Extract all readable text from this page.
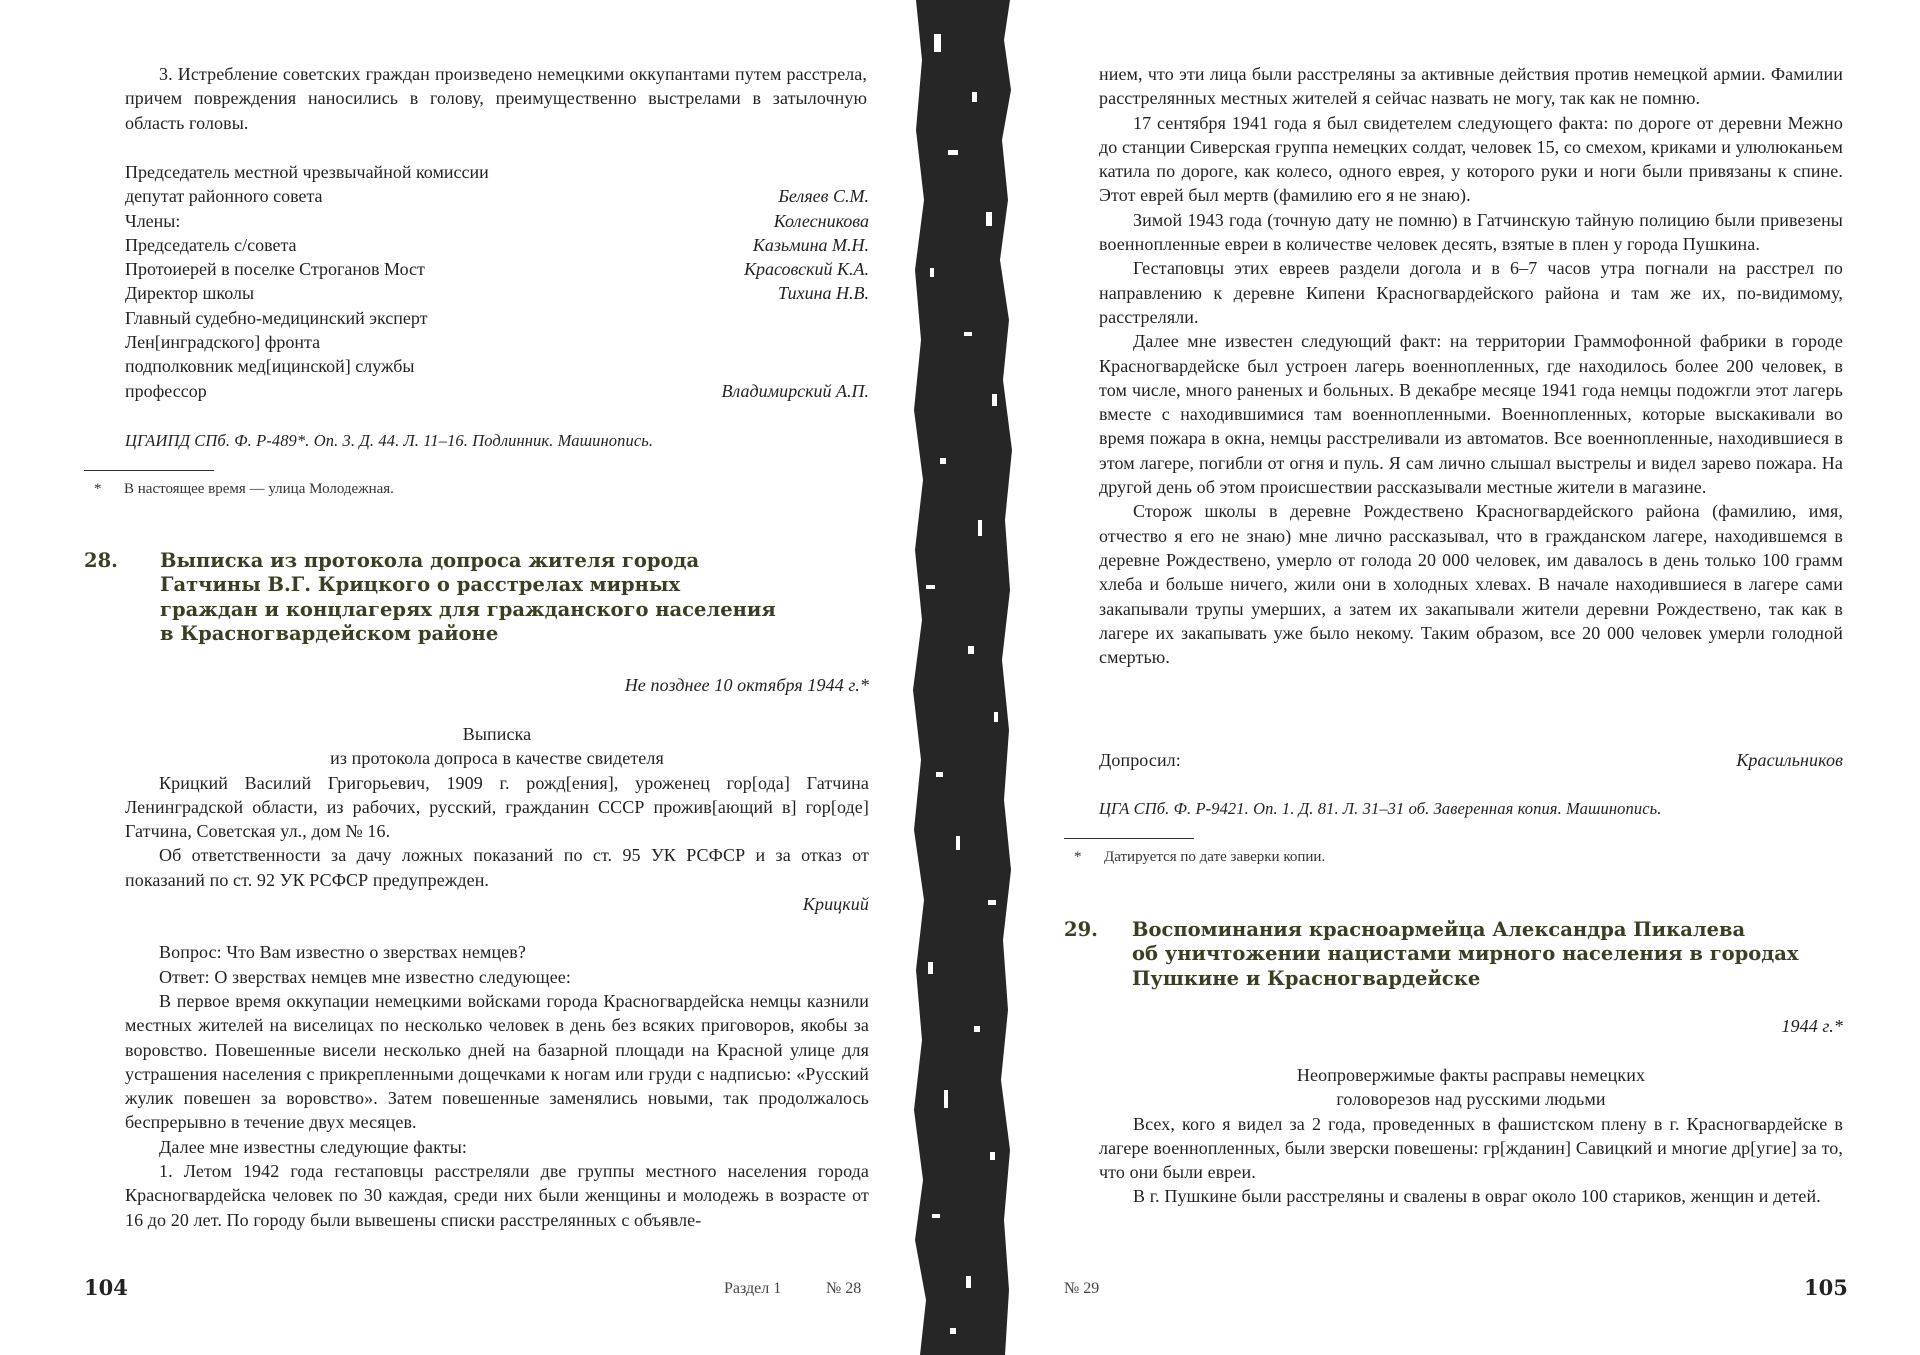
3. Истребление советских граждан произведено немецкими оккупантами путем расстрела, причем повреждения наносились в голову, преимущественно выстрелами в затылочную область головы.

Председатель местной чрезвычайной комиссии	
депутат районного совета	Беляев С.М.
Члены:	Колесникова
Председатель с/совета	Казьмина М.Н.
Протоиерей в поселке Строганов Мост	Красовский К.А.
Директор школы	Тихина Н.В.
Главный судебно-медицинский эксперт	
Лен[инградского] фронта	
подполковник мед[ицинской] службы	
профессор	Владимирский А.П.
ЦГАИПД СПб. Ф. Р-489*. Оп. 3. Д. 44. Л. 11–16. Подлинник. Машинопись.
* В настоящее время — улица Молодежная.
28. Выписка из протокола допроса жителя города
Гатчины В.Г. Крицкого о расстрелах мирных
граждан и концлагерях для гражданского населения
в Красногвардейском районе
Не позднее 10 октября 1944 г.*

Выписка

из протокола допроса в качестве свидетеля

Крицкий Василий Григорьевич, 1909 г. рожд[ения], уроженец гор[ода] Гатчина Ленинградской области, из рабочих, русский, гражданин СССР прожив[ающий в] гор[оде] Гатчина, Советская ул., дом № 16.

Об ответственности за дачу ложных показаний по ст. 95 УК РСФСР и за отказ от показаний по ст. 92 УК РСФСР предупрежден.

Крицкий

Вопрос: Что Вам известно о зверствах немцев?

Ответ: О зверствах немцев мне известно следующее:

В первое время оккупации немецкими войсками города Красногвардейска немцы казнили местных жителей на виселицах по несколько человек в день без всяких приговоров, якобы за воровство. Повешенные висели несколько дней на базарной площади на Красной улице для устрашения населения с прикрепленными дощечками к ногам или груди с надписью: «Русский жулик повешен за воровство». Затем повешенные заменялись новыми, так продолжалось беспрерывно в течение двух месяцев.

Далее мне известны следующие факты:

1. Летом 1942 года гестаповцы расстреляли две группы местного населения города Красногвардейска человек по 30 каждая, среди них были женщины и молодежь в возрасте от 16 до 20 лет. По городу были вывешены списки расстрелянных с объявле-

104	Раздел 1	№ 28

нием, что эти лица были расстреляны за активные действия против немецкой армии. Фамилии расстрелянных местных жителей я сейчас назвать не могу, так как не помню.

17 сентября 1941 года я был свидетелем следующего факта: по дороге от деревни Межно до станции Сиверская группа немецких солдат, человек 15, со смехом, криками и улюлюканьем катила по дороге, как колесо, одного еврея, у которого руки и ноги были привязаны к спине. Этот еврей был мертв (фамилию его я не знаю).

Зимой 1943 года (точную дату не помню) в Гатчинскую тайную полицию были привезены военнопленные евреи в количестве человек десять, взятые в плен у города Пушкина.

Гестаповцы этих евреев раздели догола и в 6–7 часов утра погнали на расстрел по направлению к деревне Кипени Красногвардейского района и там же их, по-видимому, расстреляли.

Далее мне известен следующий факт: на территории Граммофонной фабрики в городе Красногвардейске был устроен лагерь военнопленных, где находилось более 200 человек, в том числе, много раненых и больных. В декабре месяце 1941 года немцы подожгли этот лагерь вместе с находившимися там военнопленными. Военнопленных, которые выскакивали во время пожара в окна, немцы расстреливали из автоматов. Все военнопленные, находившиеся в этом лагере, погибли от огня и пуль. Я сам лично слышал выстрелы и видел зарево пожара. На другой день об этом происшествии рассказывали местные жители в магазине.

Сторож школы в деревне Рождествено Красногвардейского района (фамилию, имя, отчество я его не знаю) мне лично рассказывал, что в гражданском лагере, находившемся в деревне Рождествено, умерло от голода 20 000 человек, им давалось в день только 100 грамм хлеба и больше ничего, жили они в холодных хлевах. В начале находившиеся в лагере сами закапывали трупы умерших, а затем их закапывали жители деревни Рождествено, так как в лагере их закапывать уже было некому. Таким образом, все 20 000 человек умерли голодной смертью.

Допросил:	Красильников
ЦГА СПб. Ф. Р-9421. Оп. 1. Д. 81. Л. 31–31 об. Заверенная копия. Машинопись.
* Датируется по дате заверки копии.
29. Воспоминания красноармейца Александра Пикалева
об уничтожении нацистами мирного населения в городах
Пушкине и Красногвардейске
1944 г.*

Неопровержимые факты расправы немецких

головорезов над русскими людьми

Всех, кого я видел за 2 года, проведенных в фашистском плену в г. Красногвардейске в лагере военнопленных, были зверски повешены: гр[жданин] Савицкий и многие др[угие] за то, что они были евреи.

В г. Пушкине были расстреляны и свалены в овраг около 100 стариков, женщин и детей.

№ 29	105
